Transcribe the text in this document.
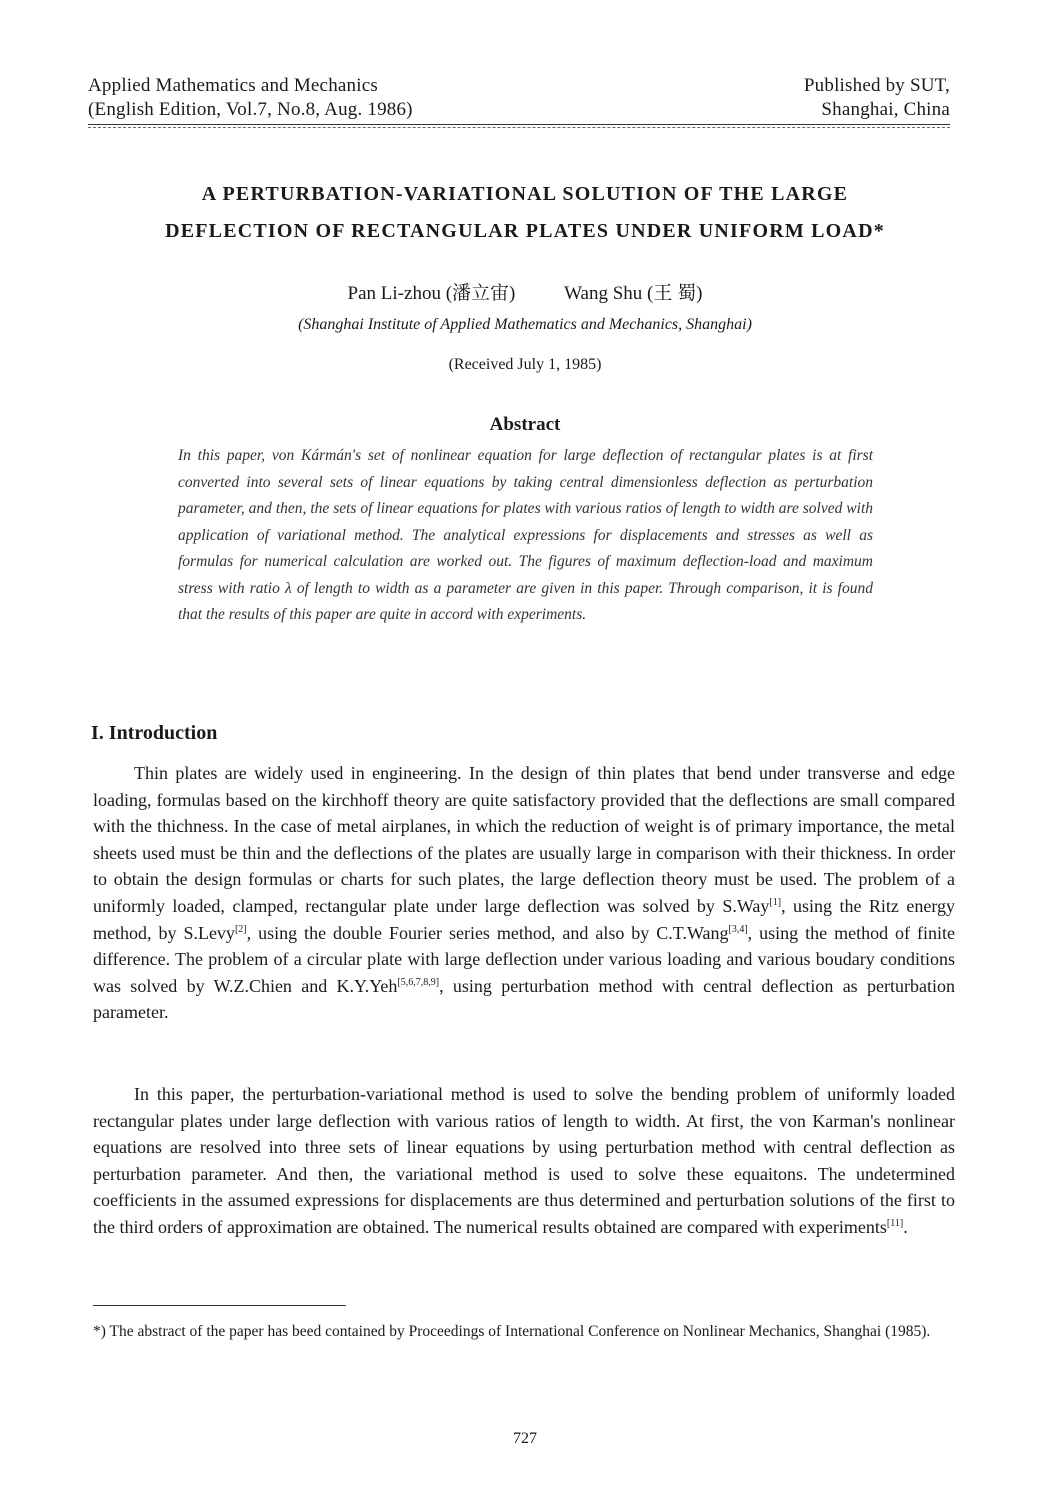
Applied Mathematics and Mechanics
(English Edition, Vol.7, No.8, Aug. 1986)
Published by SUT,
Shanghai, China
A PERTURBATION-VARIATIONAL SOLUTION OF THE LARGE
DEFLECTION OF RECTANGULAR PLATES UNDER UNIFORM LOAD*
Pan Li-zhou (潘立宙)	Wang Shu (王 蜀)
(Shanghai Institute of Applied Mathematics and Mechanics, Shanghai)
(Received July 1, 1985)
Abstract
In this paper, von Kármán's set of nonlinear equation for large deflection of rectangular plates is at first converted into several sets of linear equations by taking central dimensionless deflection as perturbation parameter, and then, the sets of linear equations for plates with various ratios of length to width are solved with application of variational method. The analytical expressions for displacements and stresses as well as formulas for numerical calculation are worked out. The figures of maximum deflection-load and maximum stress with ratio λ of length to width as a parameter are given in this paper. Through comparison, it is found that the results of this paper are quite in accord with experiments.
I. Introduction
Thin plates are widely used in engineering. In the design of thin plates that bend under transverse and edge loading, formulas based on the kirchhoff theory are quite satisfactory provided that the deflections are small compared with the thichness. In the case of metal airplanes, in which the reduction of weight is of primary importance, the metal sheets used must be thin and the deflections of the plates are usually large in comparison with their thickness. In order to obtain the design formulas or charts for such plates, the large deflection theory must be used. The problem of a uniformly loaded, clamped, rectangular plate under large deflection was solved by S.Way[1], using the Ritz energy method, by S.Levy[2], using the double Fourier series method, and also by C.T.Wang[3,4], using the method of finite difference. The problem of a circular plate with large deflection under various loading and various boudary conditions was solved by W.Z.Chien and K.Y.Yeh[5,6,7,8,9], using perturbation method with central deflection as perturbation parameter.
In this paper, the perturbation-variational method is used to solve the bending problem of uniformly loaded rectangular plates under large deflection with various ratios of length to width. At first, the von Karman's nonlinear equations are resolved into three sets of linear equations by using perturbation method with central deflection as perturbation parameter. And then, the variational method is used to solve these equaitons. The undetermined coefficients in the assumed expressions for displacements are thus determined and perturbation solutions of the first to the third orders of approximation are obtained. The numerical results obtained are compared with experiments[11].
*) The abstract of the paper has beed contained by Proceedings of International Conference on Nonlinear Mechanics, Shanghai (1985).
727
